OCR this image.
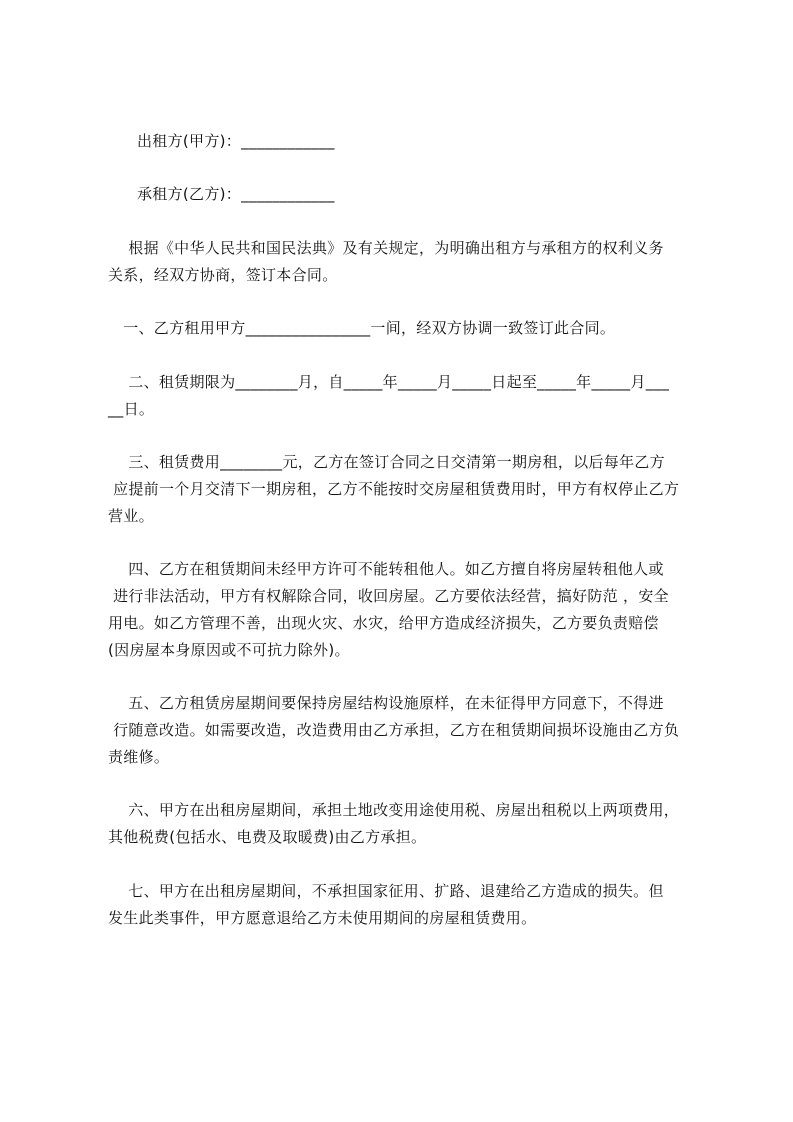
出租方(甲方)：____________
承租方(乙方)：____________
根据《中华人民共和国民法典》及有关规定，为明确出租方与承租方的权利义务
关系，经双方协商，签订本合同。
一、乙方租用甲方________________一间，经双方协调一致签订此合同。
二、租赁期限为________月，自_____年_____月_____日起至_____年_____月___
__日。
三、租赁费用________元，乙方在签订合同之日交清第一期房租，以后每年乙方
应提前一个月交清下一期房租，乙方不能按时交房屋租赁费用时，甲方有权停止乙方
营业。
四、乙方在租赁期间未经甲方许可不能转租他人。如乙方擅自将房屋转租他人或
进行非法活动，甲方有权解除合同，收回房屋。乙方要依法经营，搞好防范 ，安全
用电。如乙方管理不善，出现火灾、水灾，给甲方造成经济损失，乙方要负责赔偿
(因房屋本身原因或不可抗力除外)。
五、乙方租赁房屋期间要保持房屋结构设施原样，在未征得甲方同意下，不得进
行随意改造。如需要改造，改造费用由乙方承担，乙方在租赁期间损坏设施由乙方负
责维修。
六、甲方在出租房屋期间，承担土地改变用途使用税、房屋出租税以上两项费用，
其他税费(包括水、电费及取暖费)由乙方承担。
七、甲方在出租房屋期间，不承担国家征用、扩路、退建给乙方造成的损失。但
发生此类事件，甲方愿意退给乙方未使用期间的房屋租赁费用。
